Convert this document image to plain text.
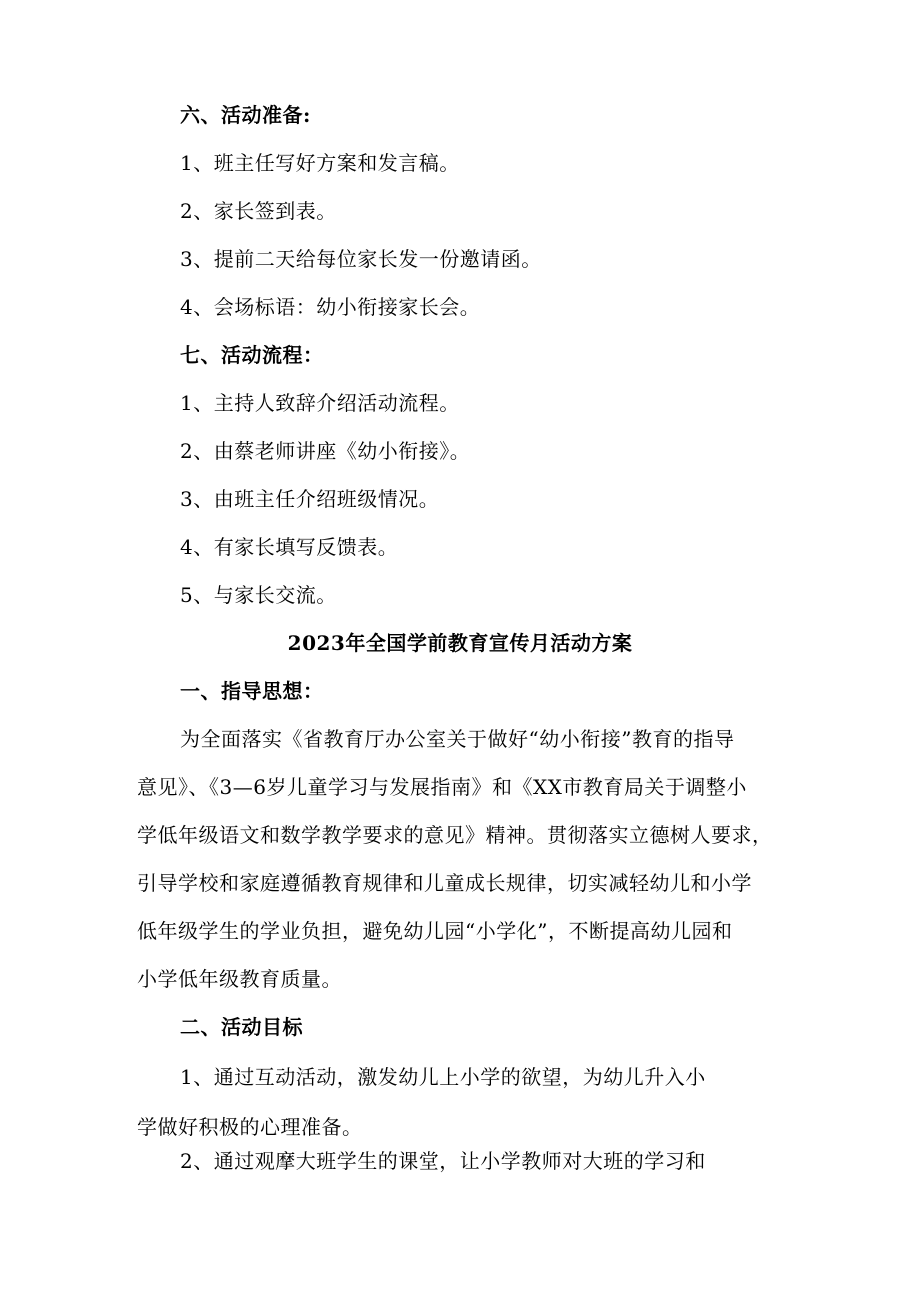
六、活动准备:
1、班主任写好方案和发言稿。
2、家长签到表。
3、提前二天给每位家长发一份邀请函。
4、会场标语：幼小衔接家长会。
七、活动流程：
1、主持人致辞介绍活动流程。
2、由蔡老师讲座《幼小衔接》。
3、由班主任介绍班级情况。
4、有家长填写反馈表。
5、与家长交流。
2023年全国学前教育宣传月活动方案
一、指导思想：
为全面落实《省教育厅办公室关于做好“幼小衔接”教育的指导
意见》、《3—6岁儿童学习与发展指南》和《XX市教育局关于调整小
学低年级语文和数学教学要求的意见》精神。贯彻落实立德树人要求，
引导学校和家庭遵循教育规律和儿童成长规律，切实减轻幼儿和小学
低年级学生的学业负担，避免幼儿园“小学化”，不断提高幼儿园和
小学低年级教育质量。
二、活动目标
1、通过互动活动，激发幼儿上小学的欲望，为幼儿升入小
学做好积极的心理准备。
2、通过观摩大班学生的课堂，让小学教师对大班的学习和
